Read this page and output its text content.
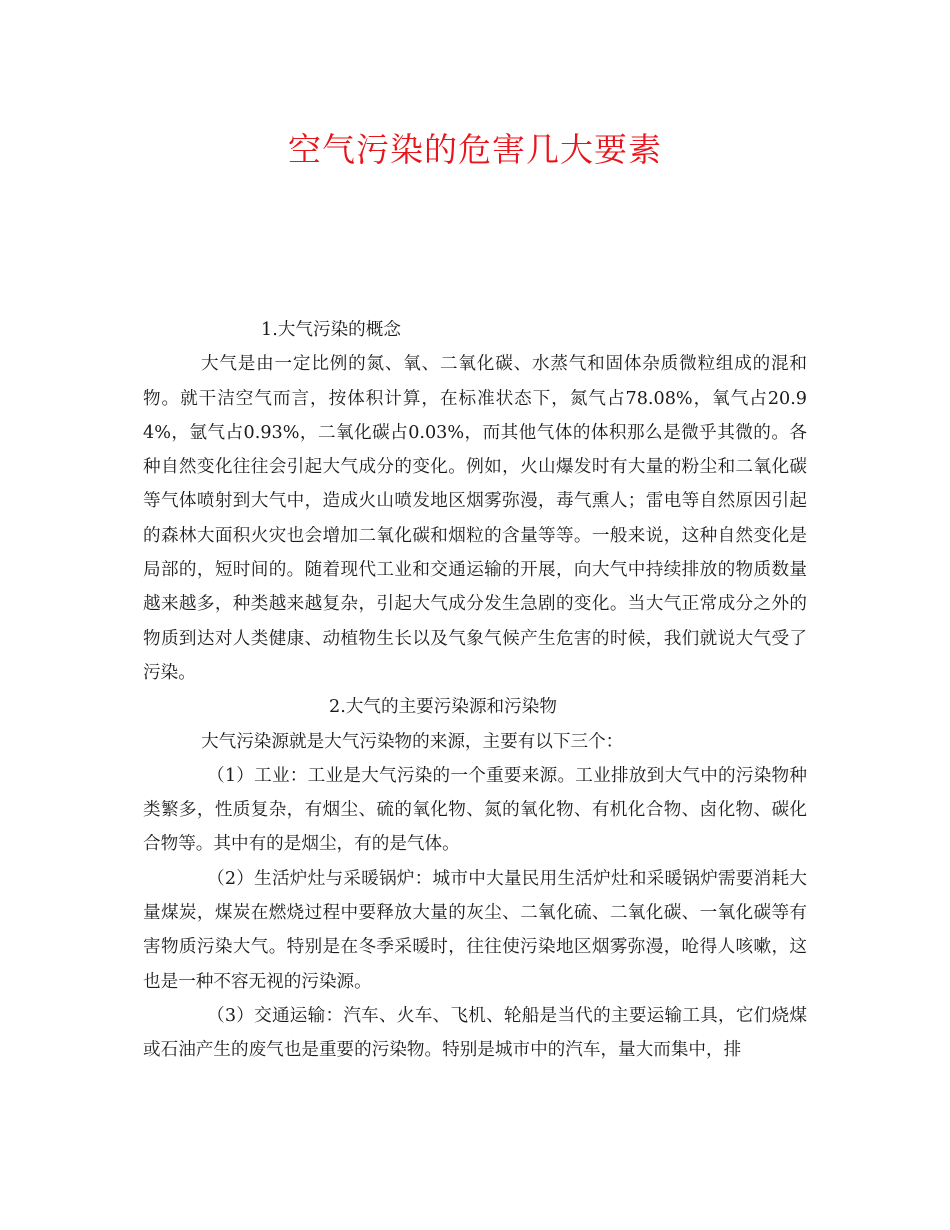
空气污染的危害几大要素

1.大气污染的概念

大气是由一定比例的氮、氧、二氧化碳、水蒸气和固体杂质微粒组成的混和物。就干洁空气而言，按体积计算，在标准状态下，氮气占78.08%，氧气占20.94%，氩气占0.93%，二氧化碳占0.03%，而其他气体的体积那么是微乎其微的。各种自然变化往往会引起大气成分的变化。例如，火山爆发时有大量的粉尘和二氧化碳等气体喷射到大气中，造成火山喷发地区烟雾弥漫，毒气熏人；雷电等自然原因引起的森林大面积火灾也会增加二氧化碳和烟粒的含量等等。一般来说，这种自然变化是局部的，短时间的。随着现代工业和交通运输的开展，向大气中持续排放的物质数量越来越多，种类越来越复杂，引起大气成分发生急剧的变化。当大气正常成分之外的物质到达对人类健康、动植物生长以及气象气候产生危害的时候，我们就说大气受了污染。

2.大气的主要污染源和污染物

大气污染源就是大气污染物的来源，主要有以下三个：

（1）工业：工业是大气污染的一个重要来源。工业排放到大气中的污染物种类繁多，性质复杂，有烟尘、硫的氧化物、氮的氧化物、有机化合物、卤化物、碳化合物等。其中有的是烟尘，有的是气体。

（2）生活炉灶与采暖锅炉：城市中大量民用生活炉灶和采暖锅炉需要消耗大量煤炭，煤炭在燃烧过程中要释放大量的灰尘、二氧化硫、二氧化碳、一氧化碳等有害物质污染大气。特别是在冬季采暖时，往往使污染地区烟雾弥漫，呛得人咳嗽，这也是一种不容无视的污染源。

（3）交通运输：汽车、火车、飞机、轮船是当代的主要运输工具，它们烧煤或石油产生的废气也是重要的污染物。特别是城市中的汽车，量大而集中，排
